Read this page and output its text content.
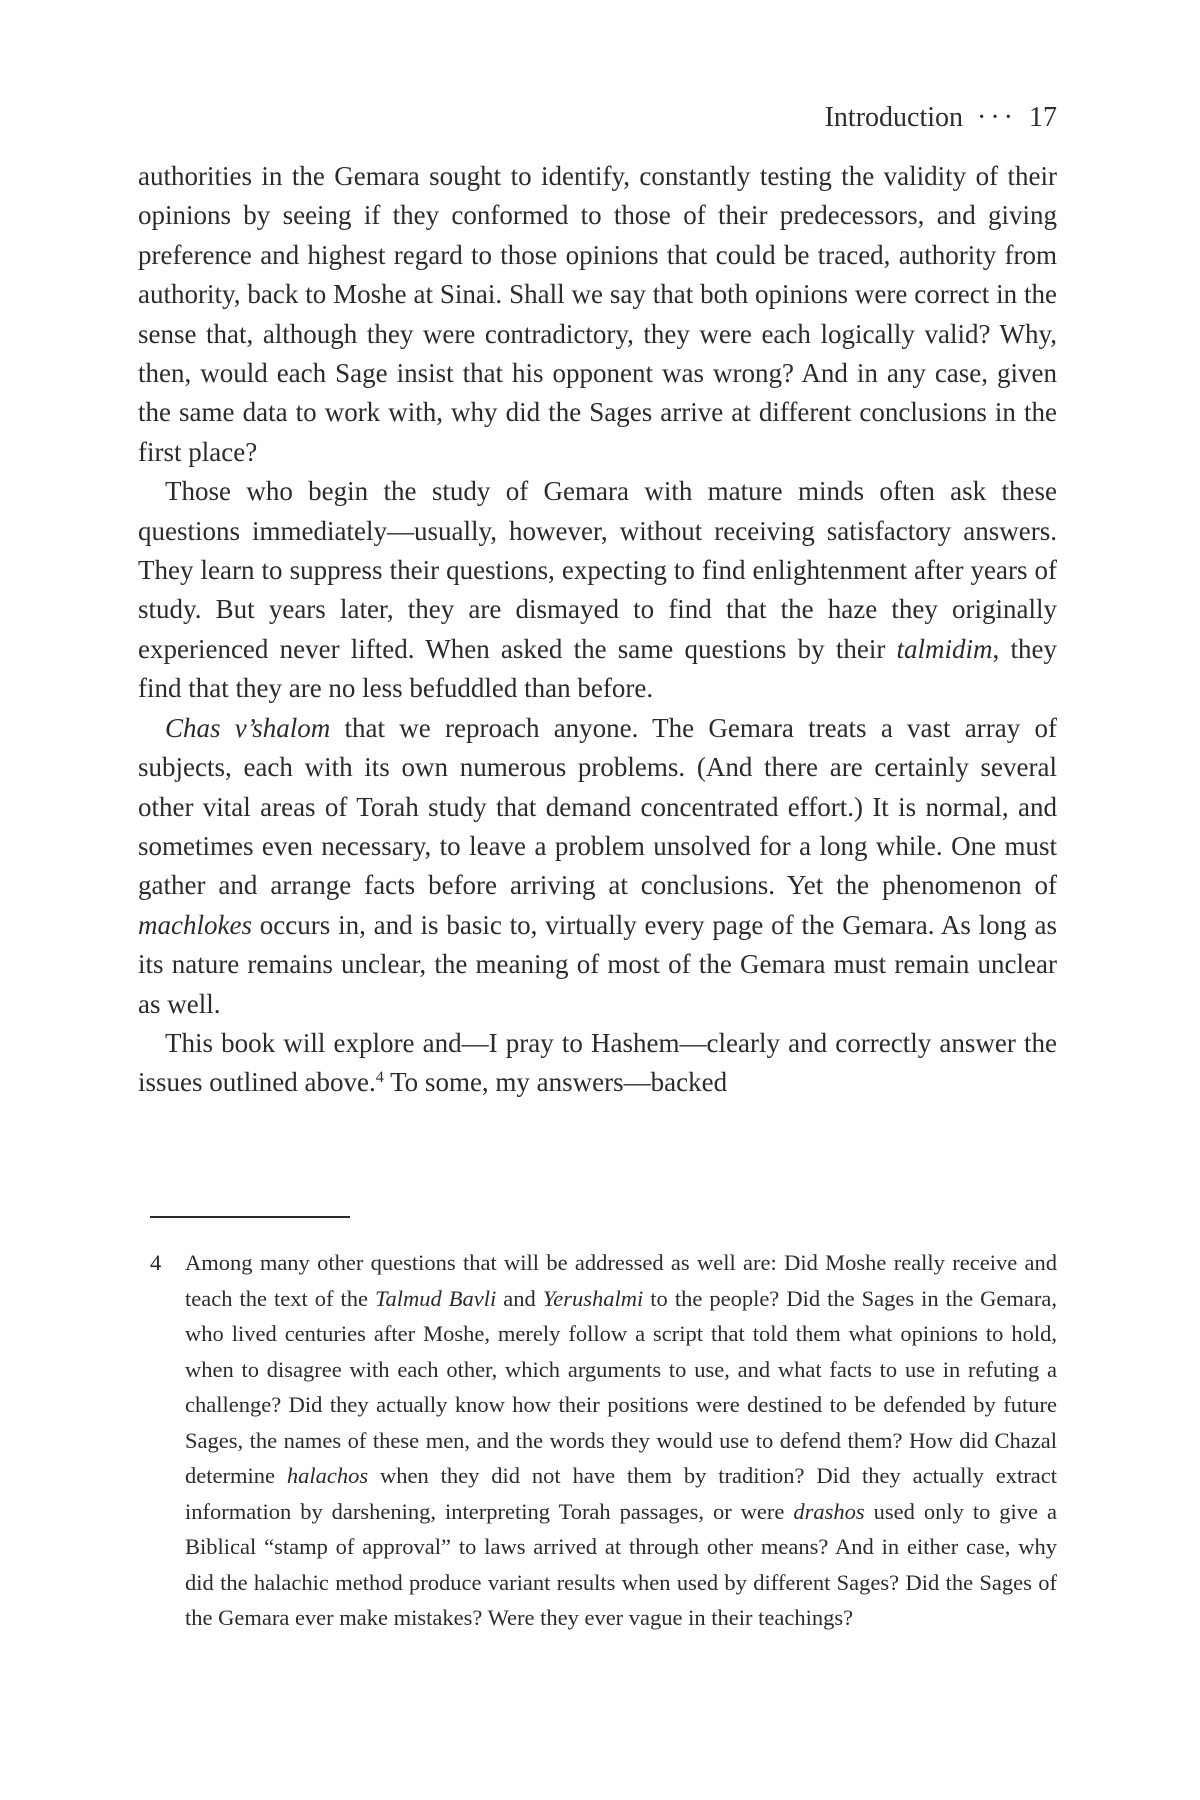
Introduction ··· 17

authorities in the Gemara sought to identify, constantly testing the validity of their opinions by seeing if they conformed to those of their predecessors, and giving preference and highest regard to those opinions that could be traced, authority from authority, back to Moshe at Sinai. Shall we say that both opinions were correct in the sense that, although they were contradictory, they were each logically valid? Why, then, would each Sage insist that his opponent was wrong? And in any case, given the same data to work with, why did the Sages arrive at different conclusions in the first place?

Those who begin the study of Gemara with mature minds often ask these questions immediately—usually, however, without receiving satisfactory answers. They learn to suppress their questions, expecting to find enlightenment after years of study. But years later, they are dismayed to find that the haze they originally experienced never lifted. When asked the same questions by their talmidim, they find that they are no less befuddled than before.

Chas v’shalom that we reproach anyone. The Gemara treats a vast array of subjects, each with its own numerous problems. (And there are certainly several other vital areas of Torah study that demand concentrated effort.) It is normal, and sometimes even necessary, to leave a problem unsolved for a long while. One must gather and arrange facts before arriving at conclusions. Yet the phenomenon of machlokes occurs in, and is basic to, virtually every page of the Gemara. As long as its nature remains unclear, the meaning of most of the Gemara must remain unclear as well.

This book will explore and—I pray to Hashem—clearly and correctly answer the issues outlined above.$^4$ To some, my answers—backed

4	Among many other questions that will be addressed as well are: Did Moshe really receive and teach the text of the Talmud Bavli and Yerushalmi to the people? Did the Sages in the Gemara, who lived centuries after Moshe, merely follow a script that told them what opinions to hold, when to disagree with each other, which arguments to use, and what facts to use in refuting a challenge? Did they actually know how their positions were destined to be defended by future Sages, the names of these men, and the words they would use to defend them? How did Chazal determine halachos when they did not have them by tradition? Did they actually extract information by darshening, interpreting Torah passages, or were drashos used only to give a Biblical “stamp of approval” to laws arrived at through other means? And in either case, why did the halachic method produce variant results when used by different Sages? Did the Sages of the Gemara ever make mistakes? Were they ever vague in their teachings?
